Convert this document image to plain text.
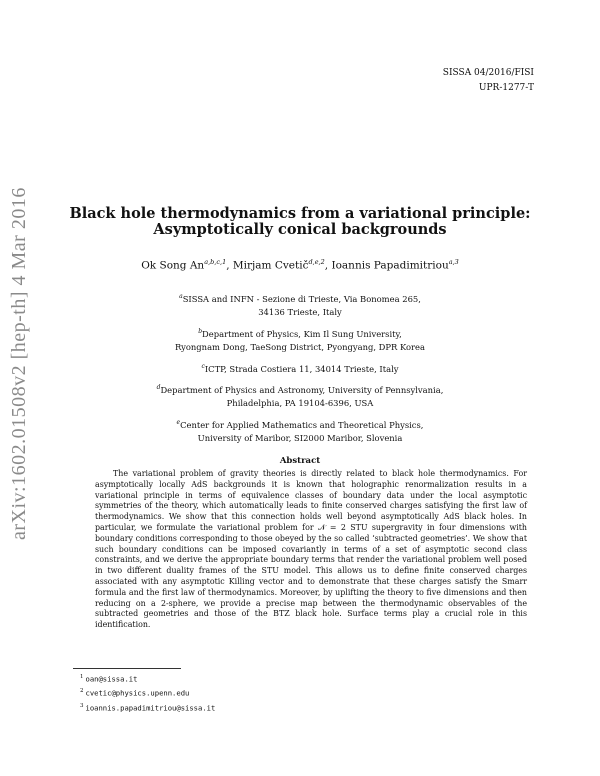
SISSA 04/2016/FISI
UPR-1277-T
arXiv:1602.01508v2 [hep-th] 4 Mar 2016	Black hole thermodynamics from a variational principle:
Asymptotically conical backgrounds
Ok Song An$^{a,b,c,1}$, Mirjam Cvetič$^{d,e,2}$, Ioannis Papadimitriou$^{a,3}$
$^a$SISSA and INFN - Sezione di Trieste, Via Bonomea 265,
34136 Trieste, Italy
$^b$Department of Physics, Kim Il Sung University,
Ryongnam Dong, TaeSong District, Pyongyang, DPR Korea
$^c$ICTP, Strada Costiera 11, 34014 Trieste, Italy
$^d$Department of Physics and Astronomy, University of Pennsylvania,
Philadelphia, PA 19104-6396, USA
$^e$Center for Applied Mathematics and Theoretical Physics,
University of Maribor, SI2000 Maribor, Slovenia
Abstract

The variational problem of gravity theories is directly related to black hole thermodynamics. For asymptotically locally AdS backgrounds it is known that holographic renormalization results in a variational principle in terms of equivalence classes of boundary data under the local asymptotic symmetries of the theory, which automatically leads to finite conserved charges satisfying the first law of thermodynamics. We show that this connection holds well beyond asymptotically AdS black holes. In particular, we formulate the variational problem for 𝒩 = 2 STU supergravity in four dimensions with boundary conditions corresponding to those obeyed by the so called ‘subtracted geometries’. We show that such boundary conditions can be imposed covariantly in terms of a set of asymptotic second class constraints, and we derive the appropriate boundary terms that render the variational problem well posed in two different duality frames of the STU model. This allows us to define finite conserved charges associated with any asymptotic Killing vector and to demonstrate that these charges satisfy the Smarr formula and the first law of thermodynamics. Moreover, by uplifting the theory to five dimensions and then reducing on a 2-sphere, we provide a precise map between the thermodynamic observables of the subtracted geometries and those of the BTZ black hole. Surface terms play a crucial role in this identification.

$^1$ oan@sissa.it
$^2$ cvetic@physics.upenn.edu
$^3$ ioannis.papadimitriou@sissa.it
